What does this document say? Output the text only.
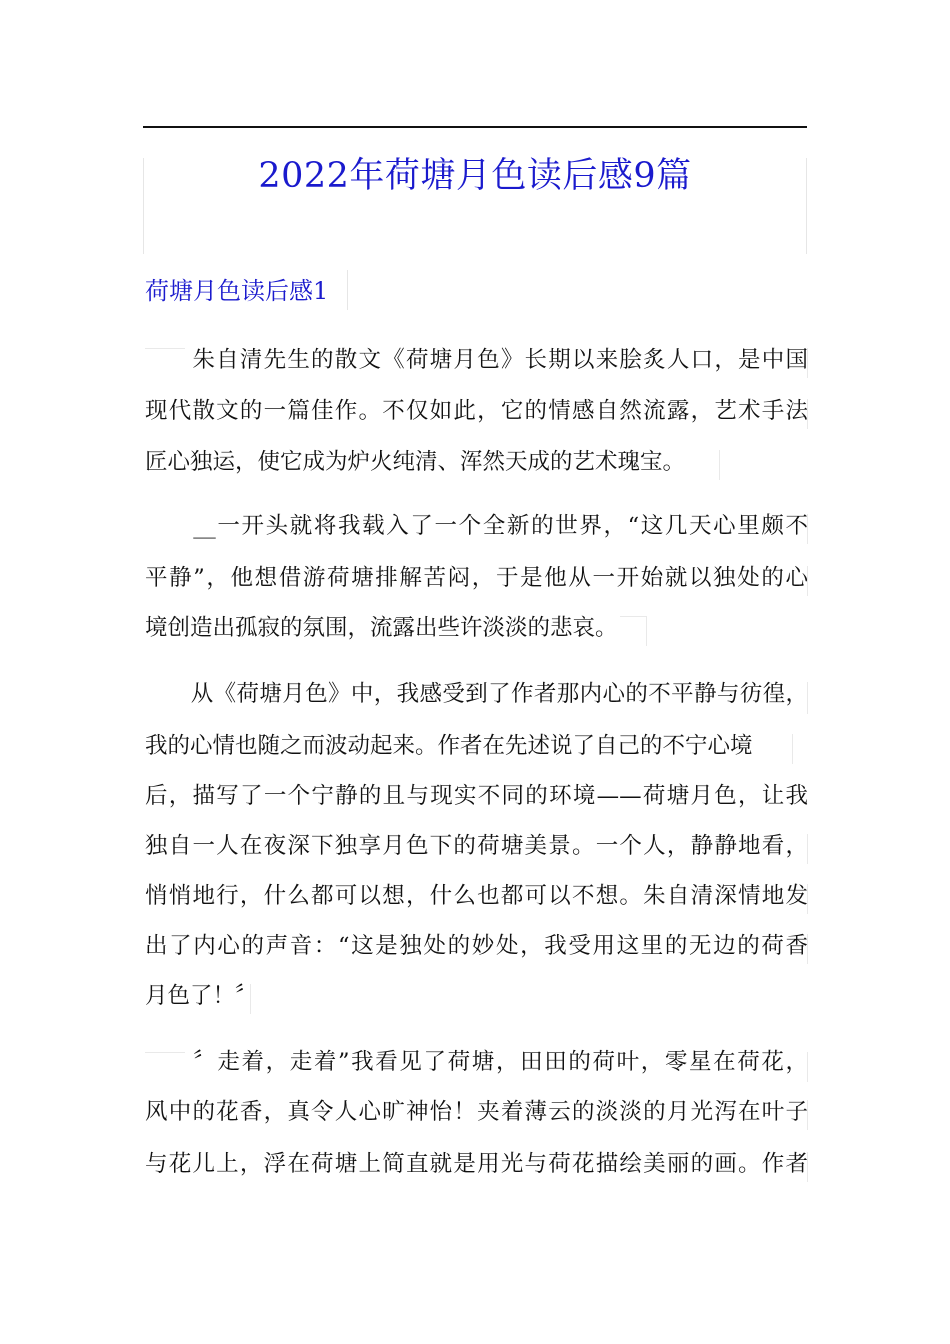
2022年荷塘月色读后感9篇
荷塘月色读后感1
　　朱自清先生的散文《荷塘月色》长期以来脍炙人口，是中国
现代散文的一篇佳作。不仅如此，它的情感自然流露，艺术手法
匠心独运，使它成为炉火纯清、浑然天成的艺术瑰宝。
　　__一开头就将我载入了一个全新的世界，“这几天心里颇不
平静”，他想借游荷塘排解苦闷，于是他从一开始就以独处的心
境创造出孤寂的氛围，流露出些许淡淡的悲哀。
　　从《荷塘月色》中，我感受到了作者那内心的不平静与彷徨，
我的心情也随之而波动起来。作者在先述说了自己的不宁心境
后，描写了一个宁静的且与现实不同的环境——荷塘月色，让我
独自一人在夜深下独享月色下的荷塘美景。一个人，静静地看，
悄悄地行，什么都可以想，什么也都可以不想。朱自清深情地发
出了内心的声音：“这是独处的妙处，我受用这里的无边的荷香
月色了！〞
　　〞走着，走着”我看见了荷塘，田田的荷叶，零星在荷花，
风中的花香，真令人心旷神怡！夹着薄云的淡淡的月光泻在叶子
与花儿上，浮在荷塘上简直就是用光与荷花描绘美丽的画。作者
